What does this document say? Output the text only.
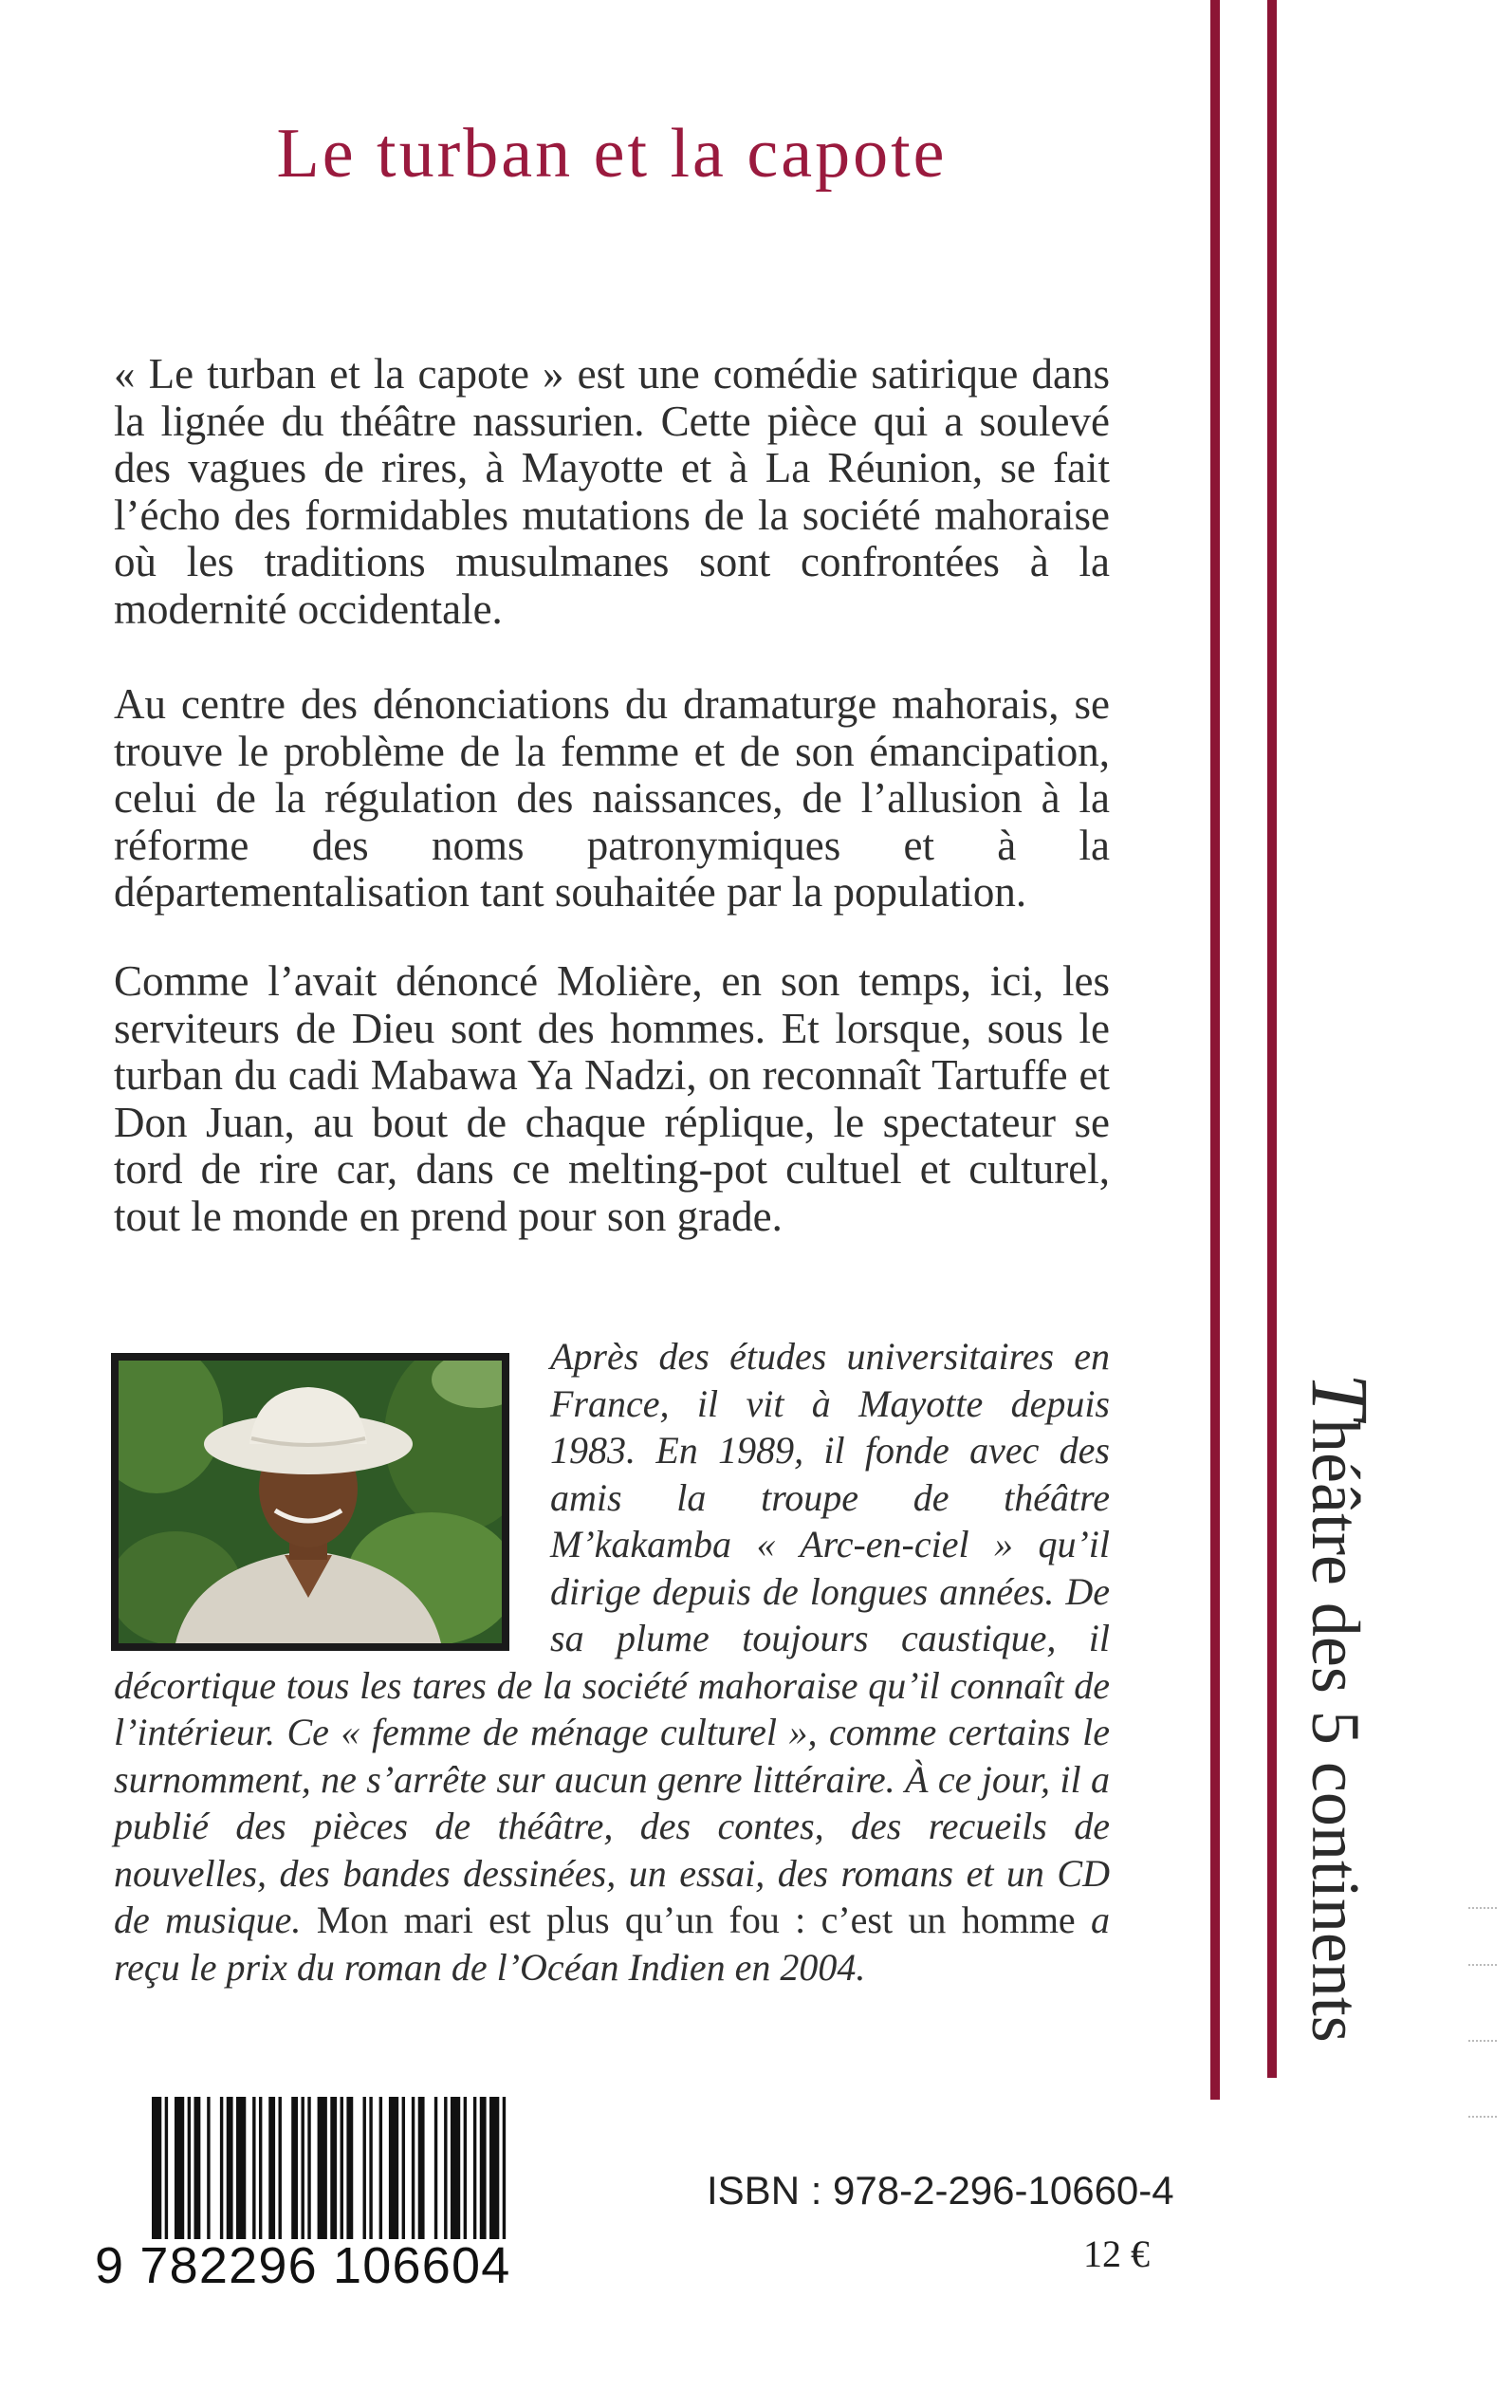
Le turban et la capote

« Le turban et la capote » est une comédie satirique dans la lignée du théâtre nassurien. Cette pièce qui a soulevé des vagues de rires, à Mayotte et à La Réunion, se fait l’écho des formidables mutations de la société mahoraise où les traditions musulmanes sont confrontées à la modernité occidentale.

Au centre des dénonciations du dramaturge mahorais, se trouve le problème de la femme et de son émancipation, celui de la régulation des naissances, de l’allusion à la réforme des noms patronymiques et à la départementalisation tant souhaitée par la population.

Comme l’avait dénoncé Molière, en son temps, ici, les serviteurs de Dieu sont des hommes. Et lorsque, sous le turban du cadi Mabawa Ya Nadzi, on reconnaît Tartuffe et Don Juan, au bout de chaque réplique, le spectateur se tord de rire car, dans ce melting-pot cultuel et culturel, tout le monde en prend pour son grade.

Après des études universitaires en France, il vit à Mayotte depuis 1983. En 1989, il fonde avec des amis la troupe de théâtre M’kakamba « Arc-en-ciel » qu’il dirige depuis de longues années. De sa plume toujours caustique, il décortique tous les tares de la société mahoraise qu’il connaît de l’intérieur. Ce « femme de ménage culturel », comme certains le surnomment, ne s’arrête sur aucun genre littéraire. À ce jour, il a publié des pièces de théâtre, des contes, des recueils de nouvelles, des bandes dessinées, un essai, des romans et un CD de musique. Mon mari est plus qu’un fou : c’est un homme a reçu le prix du roman de l’Océan Indien en 2004.
Théâtre des 5 continents
9 782296 106604
ISBN : 978-2-296-10660-4
12 €
